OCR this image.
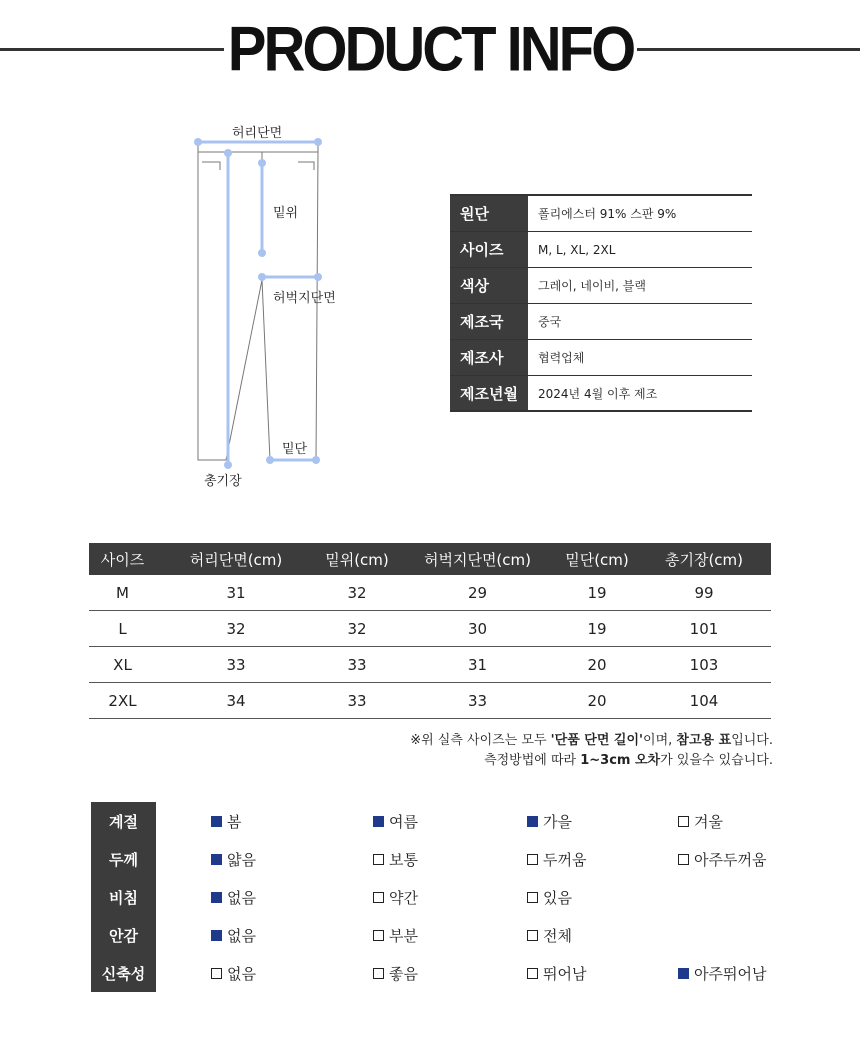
PRODUCT INFO
허리단면
밑위
허벅지단면
밑단
총기장
원단	폴리에스터 91% 스판 9%
사이즈	M, L, XL, 2XL
색상	그레이, 네이비, 블랙
제조국	중국
제조사	협력업체
제조년월	2024년 4월 이후 제조
사이즈	허리단면(cm)	밑위(cm)	허벅지단면(cm)	밑단(cm)	총기장(cm)
M	31	32	29	19	99
L	32	32	30	19	101
XL	33	33	31	20	103
2XL	34	33	33	20	104
※위 실측 사이즈는 모두 '단품 단면 길이'이며, 참고용 표입니다.
측정방법에 따라 1~3cm 오차가 있을수 있습니다.
계절	봄	여름	가을	겨울
두께	얇음	보통	두꺼움	아주두꺼움
비침	없음	약간	있음
안감	없음	부분	전체
신축성	없음	좋음	뛰어남	아주뛰어남
